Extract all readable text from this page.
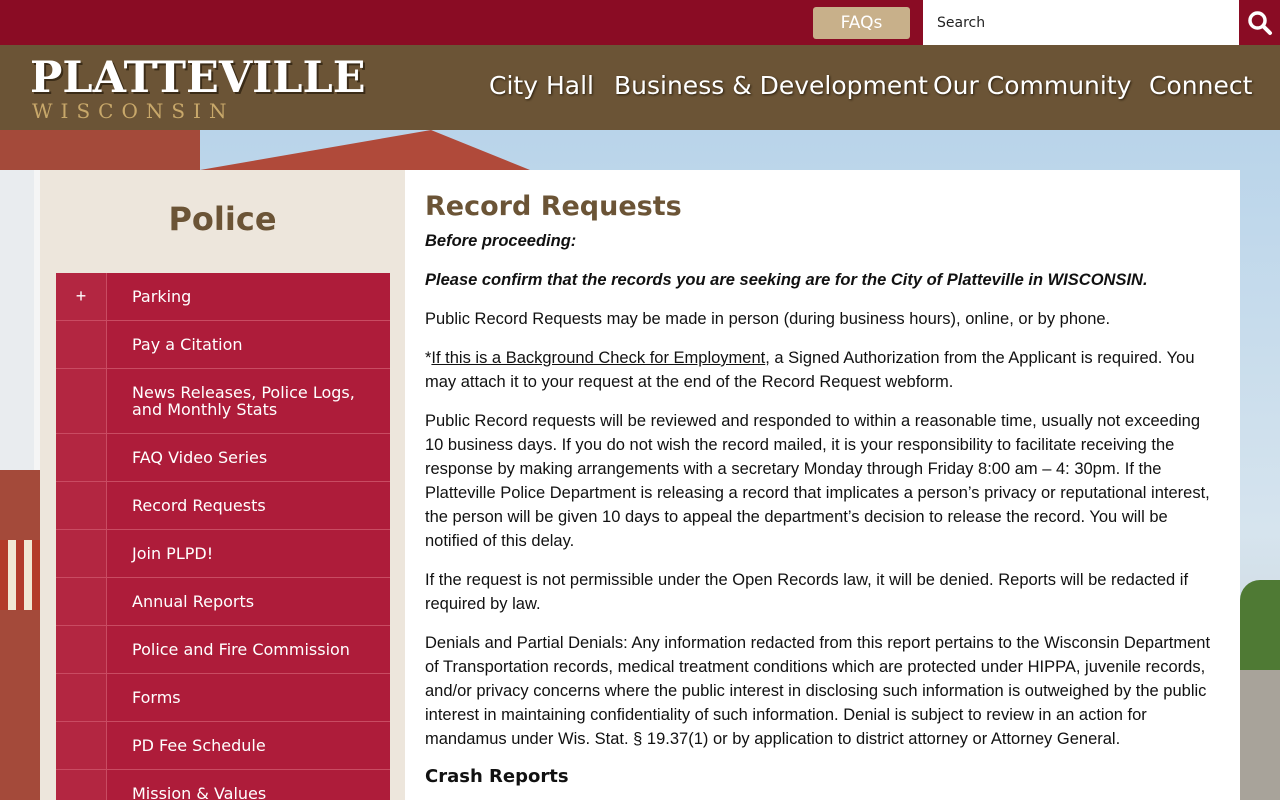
FAQs
Search
PLATTEVILLE
WISCONSIN
City Hall Business & Development Our Community Connect
Police
+	Parking
Pay a Citation
News Releases, Police Logs, and Monthly Stats
FAQ Video Series
Record Requests
Join PLPD!
Annual Reports
Police and Fire Commission
Forms
PD Fee Schedule
Mission & Values
Record Requests

Before proceeding:

Please confirm that the records you are seeking are for the City of Platteville in WISCONSIN.

Public Record Requests may be made in person (during business hours), online, or by phone.

*If this is a Background Check for Employment, a Signed Authorization from the Applicant is required. You may attach it to your request at the end of the Record Request webform.

Public Record requests will be reviewed and responded to within a reasonable time, usually not exceeding 10 business days. If you do not wish the record mailed, it is your responsibility to facilitate receiving the response by making arrangements with a secretary Monday through Friday 8:00 am – 4: 30pm. If the Platteville Police Department is releasing a record that implicates a person’s privacy or reputational interest, the person will be given 10 days to appeal the department’s decision to release the record. You will be notified of this delay.

If the request is not permissible under the Open Records law, it will be denied. Reports will be redacted if required by law.

Denials and Partial Denials: Any information redacted from this report pertains to the Wisconsin Department of Transportation records, medical treatment conditions which are protected under HIPPA, juvenile records, and/or privacy concerns where the public interest in disclosing such information is outweighed by the public interest in maintaining confidentiality of such information. Denial is subject to review in an action for mandamus under Wis. Stat. § 19.37(1) or by application to district attorney or Attorney General.

Crash Reports
